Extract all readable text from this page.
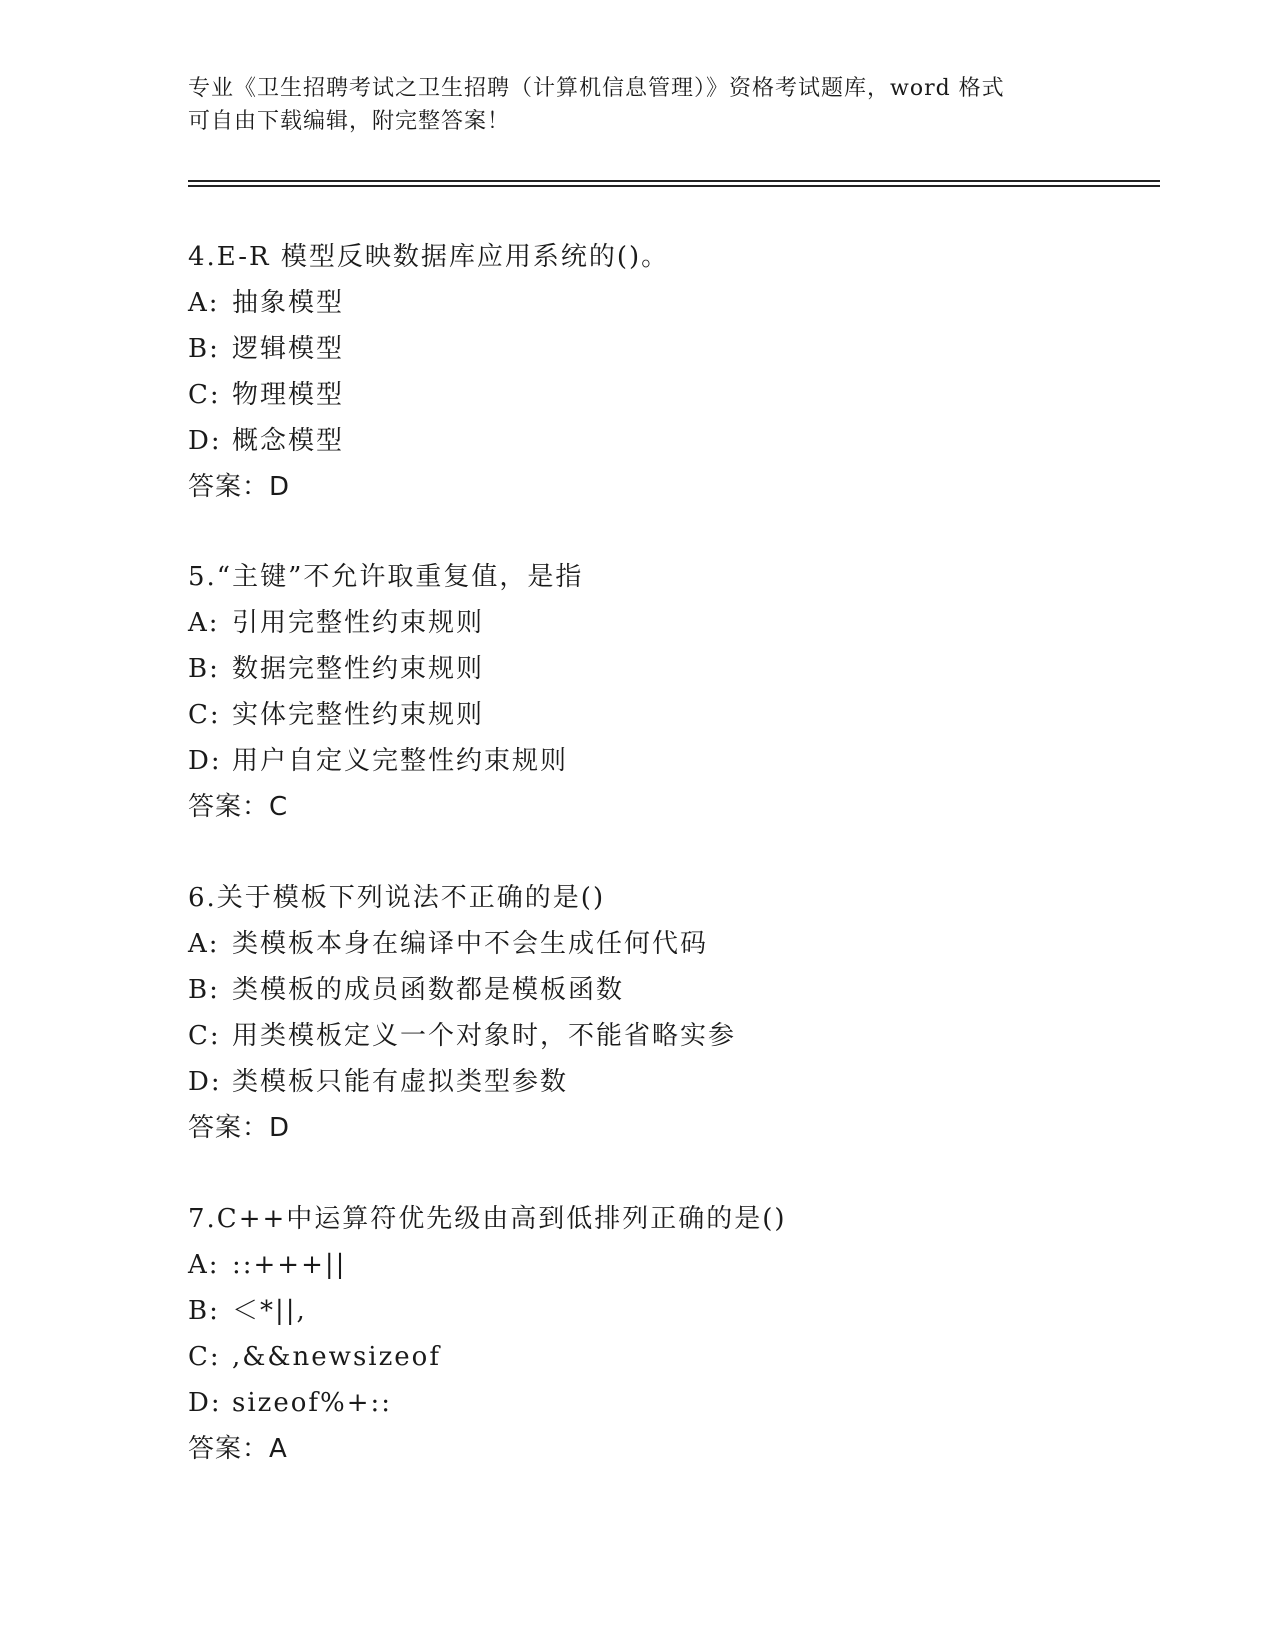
专业《卫生招聘考试之卫生招聘（计算机信息管理）》资格考试题库，word 格式
可自由下载编辑，附完整答案！
4.E-R 模型反映数据库应用系统的()。
A: 抽象模型
B: 逻辑模型
C: 物理模型
D: 概念模型
答案：D
5.“主键”不允许取重复值，是指
A: 引用完整性约束规则
B: 数据完整性约束规则
C: 实体完整性约束规则
D: 用户自定义完整性约束规则
答案：C
6.关于模板下列说法不正确的是()
A: 类模板本身在编译中不会生成任何代码
B: 类模板的成员函数都是模板函数
C: 用类模板定义一个对象时，不能省略实参
D: 类模板只能有虚拟类型参数
答案：D
7.C++中运算符优先级由高到低排列正确的是()
A: ::+++||
B: ＜*||,
C: ,&&newsizeof
D: sizeof%+::
答案：A
